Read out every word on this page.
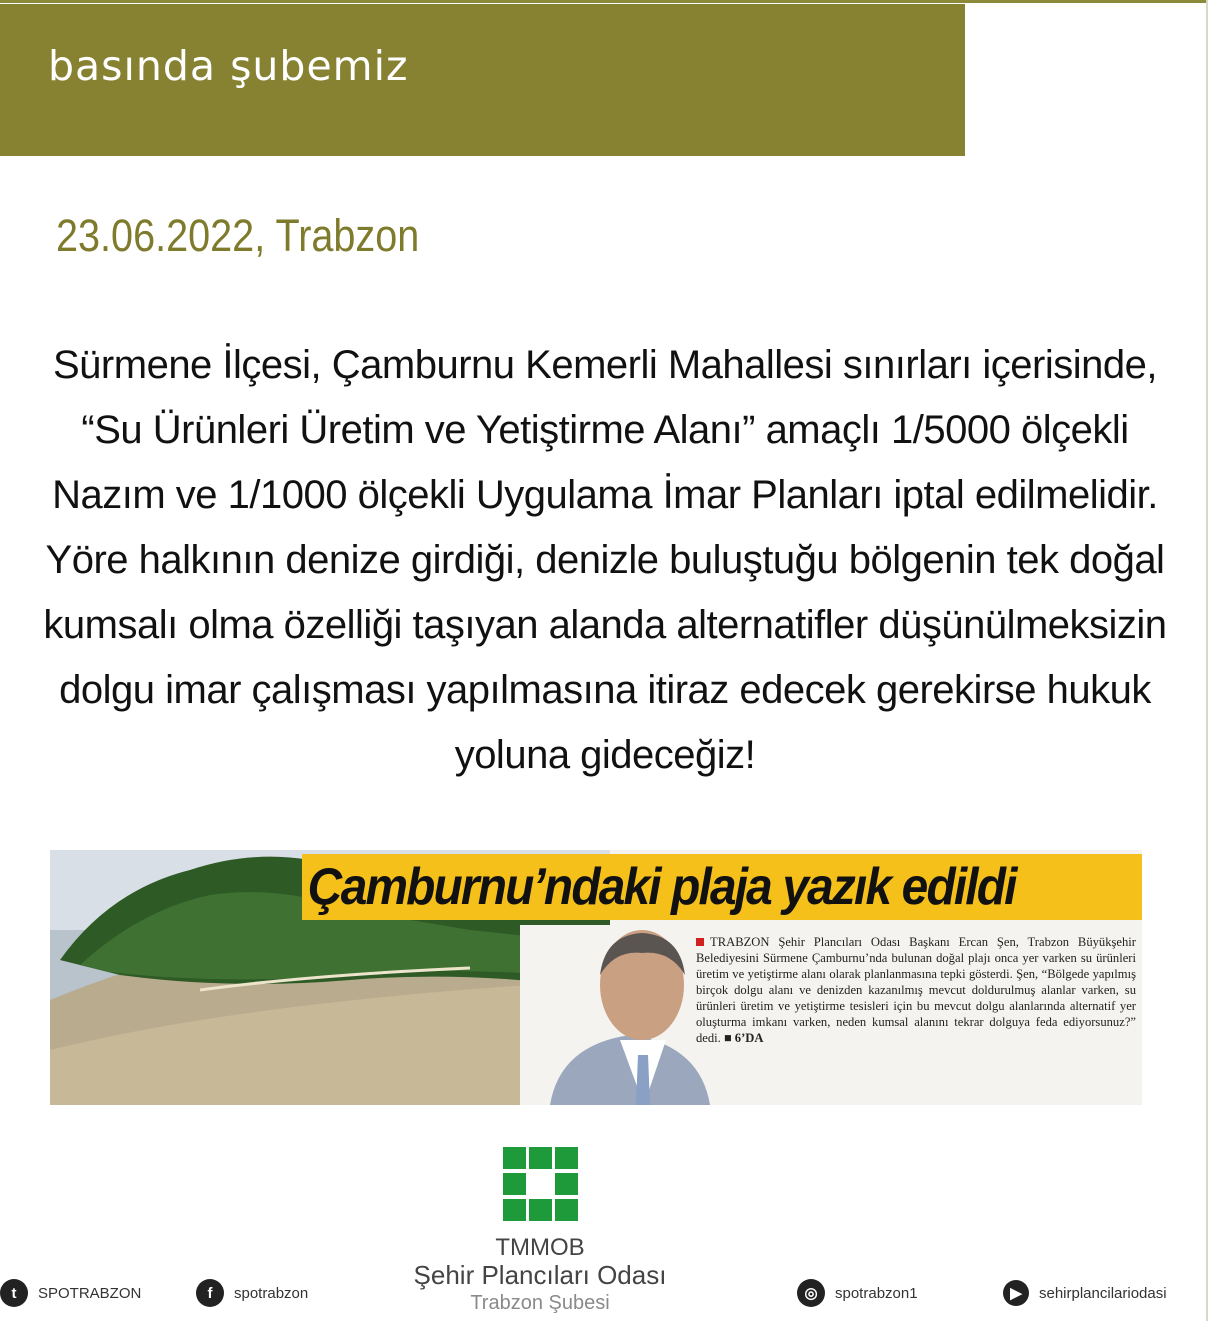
basında şubemiz
23.06.2022, Trabzon
Sürmene İlçesi, Çamburnu Kemerli Mahallesi sınırları içerisinde,
“Su Ürünleri Üretim ve Yetiştirme Alanı” amaçlı 1/5000 ölçekli
Nazım ve 1/1000 ölçekli Uygulama İmar Planları iptal edilmelidir.
Yöre halkının denize girdiği, denizle buluştuğu bölgenin tek doğal
kumsalı olma özelliği taşıyan alanda alternatifler düşünülmeksizin
dolgu imar çalışması yapılmasına itiraz edecek gerekirse hukuk
yoluna gideceğiz!
Çamburnu’ndaki plaja yazık edildi
TRABZON Şehir Plancıları Odası Başkanı Ercan Şen, Trabzon Büyükşehir Belediyesini Sürmene Çamburnu’nda bulunan doğal plajı onca yer varken su ürünleri üretim ve yetiştirme alanı olarak planlanmasına tepki gösterdi. Şen, “Bölgede yapılmış birçok dolgu alanı ve denizden kazanılmış mevcut doldurulmuş alanlar varken, su ürünleri üretim ve yetiştirme tesisleri için bu mevcut dolgu alanlarında alternatif yer oluşturma imkanı varken, neden kumsal alanını tekrar dolguya feda ediyorsunuz?” dedi. ■ 6’DA
TMMOB
Şehir Plancıları Odası
Trabzon Şubesi
t	SPOTRABZON	f	spotrabzon	◎	spotrabzon1	▶	sehirplancilariodasi
